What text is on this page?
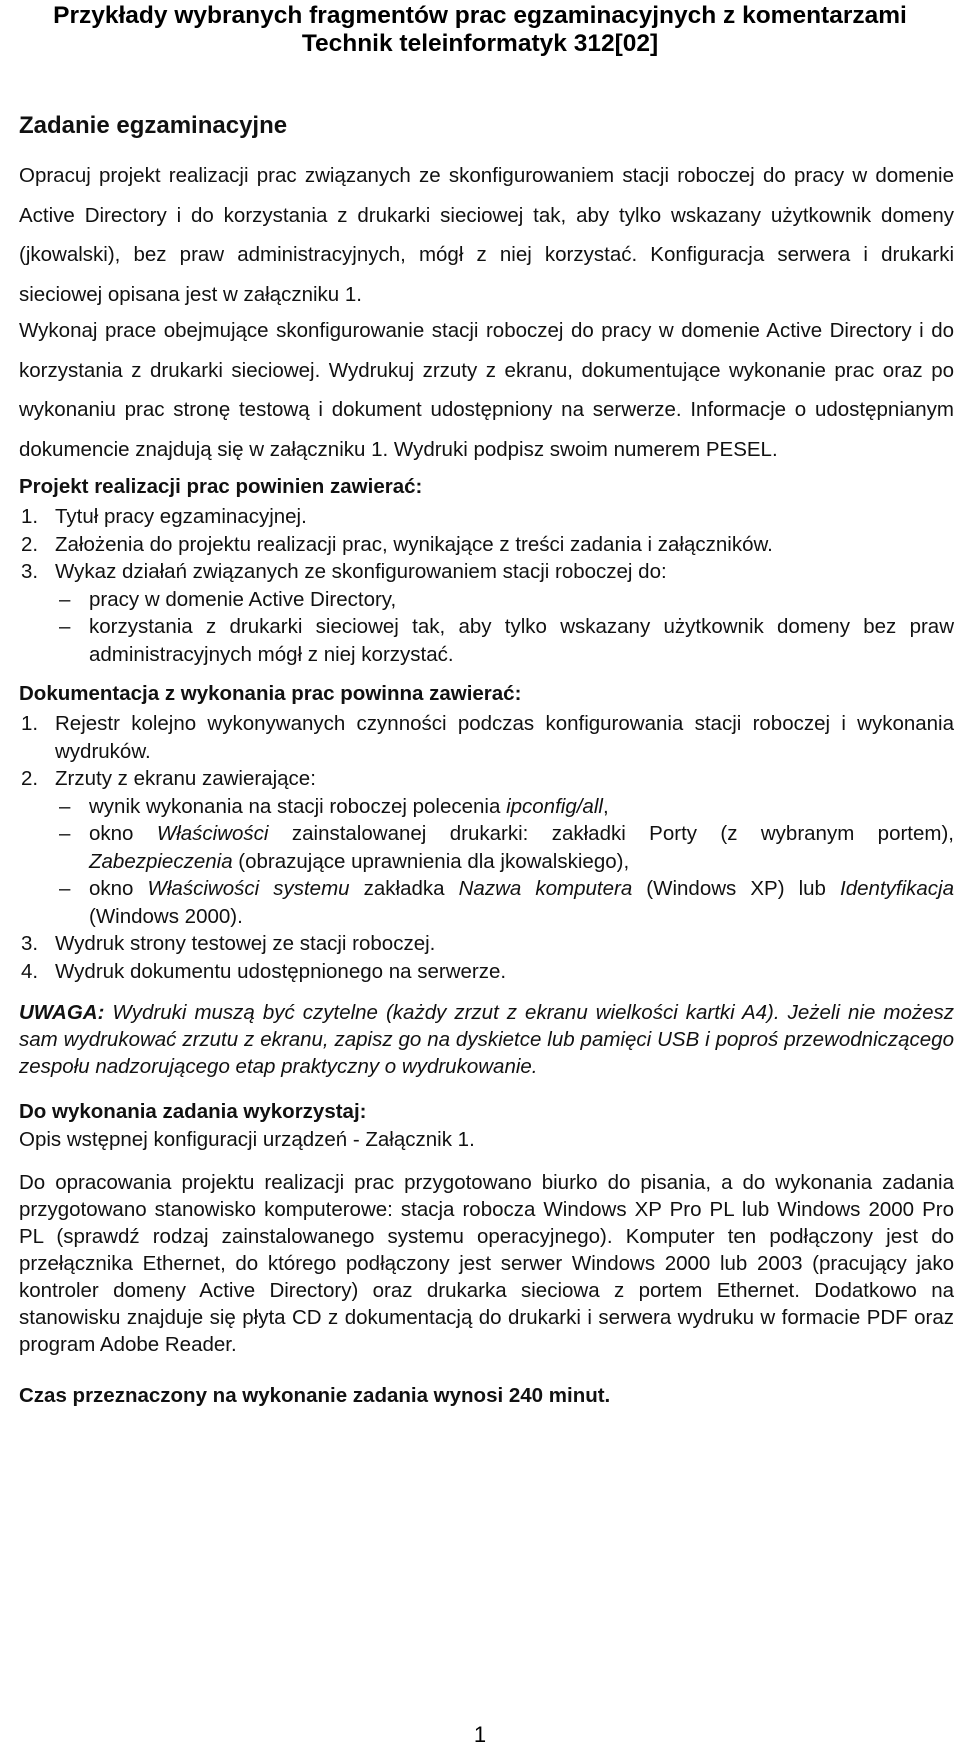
Przykłady wybranych fragmentów prac egzaminacyjnych z komentarzami
Technik teleinformatyk 312[02]
Zadanie egzaminacyjne

Opracuj projekt realizacji prac związanych ze skonfigurowaniem stacji roboczej do pracy w domenie Active Directory i do korzystania z drukarki sieciowej tak, aby tylko wskazany użytkownik domeny (jkowalski), bez praw administracyjnych, mógł z niej korzystać. Konfiguracja serwera i drukarki sieciowej opisana jest w załączniku 1.

Wykonaj prace obejmujące skonfigurowanie stacji roboczej do pracy w domenie Active Directory i do korzystania z drukarki sieciowej. Wydrukuj zrzuty z ekranu, dokumentujące wykonanie prac oraz po wykonaniu prac stronę testową i dokument udostępniony na serwerze. Informacje o udostępnianym dokumencie znajdują się w załączniku 1. Wydruki podpisz swoim numerem PESEL.

Projekt realizacji prac powinien zawierać:

1. Tytuł pracy egzaminacyjnej.
2. Założenia do projektu realizacji prac, wynikające z treści zadania i załączników.
3. Wykaz działań związanych ze skonfigurowaniem stacji roboczej do:
– pracy w domenie Active Directory,
– korzystania z drukarki sieciowej tak, aby tylko wskazany użytkownik domeny bez praw administracyjnych mógł z niej korzystać.

Dokumentacja z wykonania prac powinna zawierać:

1. Rejestr kolejno wykonywanych czynności podczas konfigurowania stacji roboczej i wykonania wydruków.
2. Zrzuty z ekranu zawierające:
– wynik wykonania na stacji roboczej polecenia ipconfig/all,
– okno Właściwości zainstalowanej drukarki: zakładki Porty (z wybranym portem), Zabezpieczenia (obrazujące uprawnienia dla jkowalskiego),
– okno Właściwości systemu zakładka Nazwa komputera (Windows XP) lub Identyfikacja (Windows 2000).
3. Wydruk strony testowej ze stacji roboczej.
4. Wydruk dokumentu udostępnionego na serwerze.

UWAGA: Wydruki muszą być czytelne (każdy zrzut z ekranu wielkości kartki A4). Jeżeli nie możesz sam wydrukować zrzutu z ekranu, zapisz go na dyskietce lub pamięci USB i poproś przewodniczącego zespołu nadzorującego etap praktyczny o wydrukowanie.

Do wykonania zadania wykorzystaj:

Opis wstępnej konfiguracji urządzeń - Załącznik 1.

Do opracowania projektu realizacji prac przygotowano biurko do pisania, a do wykonania zadania przygotowano stanowisko komputerowe: stacja robocza Windows XP Pro PL lub Windows 2000 Pro PL (sprawdź rodzaj zainstalowanego systemu operacyjnego). Komputer ten podłączony jest do przełącznika Ethernet, do którego podłączony jest serwer Windows 2000 lub 2003 (pracujący jako kontroler domeny Active Directory) oraz drukarka sieciowa z portem Ethernet. Dodatkowo na stanowisku znajduje się płyta CD z dokumentacją do drukarki i serwera wydruku w formacie PDF oraz program Adobe Reader.

Czas przeznaczony na wykonanie zadania wynosi 240 minut.

1
